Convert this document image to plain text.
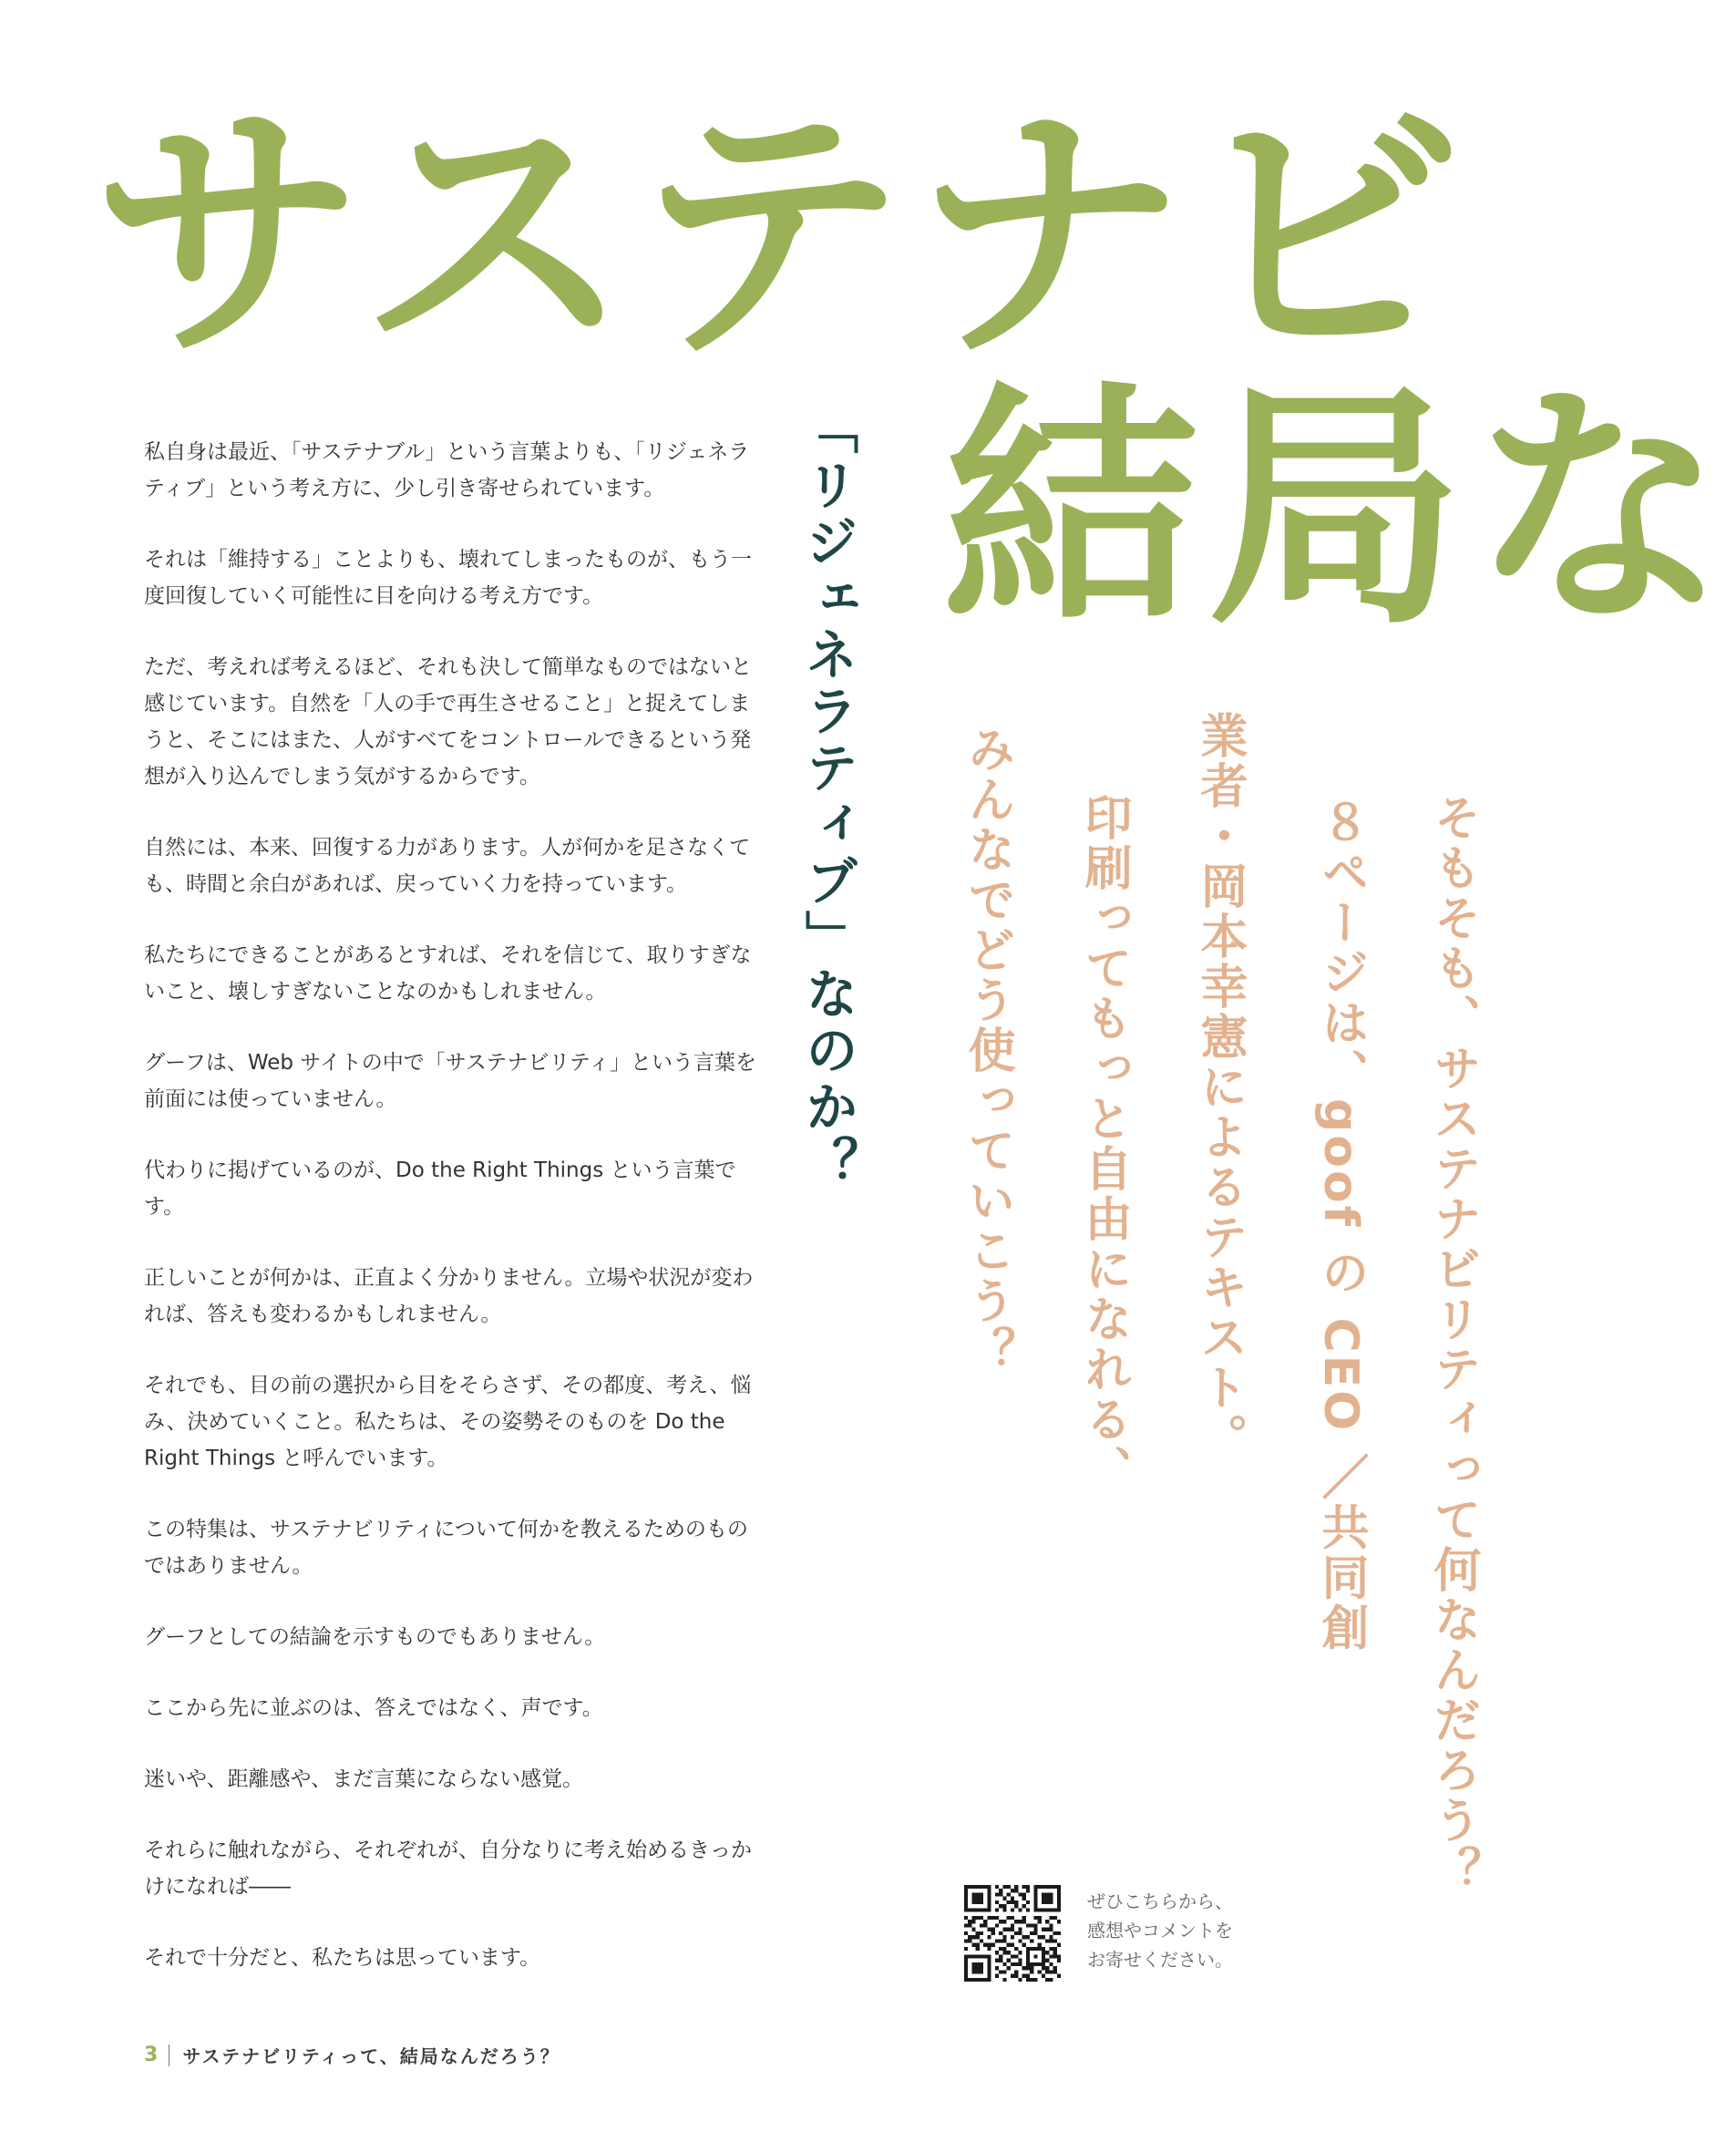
サステナビ
結局な
「リジェネラティブ」なのか？

私自身は最近、「サステナブル」という言葉よりも、「リジェネラティブ」という考え方に、少し引き寄せられています。

それは「維持する」ことよりも、壊れてしまったものが、もう一度回復していく可能性に目を向ける考え方です。

ただ、考えれば考えるほど、それも決して簡単なものではないと感じています。自然を「人の手で再生させること」と捉えてしまうと、そこにはまた、人がすべてをコントロールできるという発想が入り込んでしまう気がするからです。

自然には、本来、回復する力があります。人が何かを足さなくても、時間と余白があれば、戻っていく力を持っています。

私たちにできることがあるとすれば、それを信じて、取りすぎないこと、壊しすぎないことなのかもしれません。

グーフは、Web サイトの中で「サステナビリティ」という言葉を前面には使っていません。

代わりに掲げているのが、Do the Right Things という言葉です。

正しいことが何かは、正直よく分かりません。立場や状況が変われば、答えも変わるかもしれません。

それでも、目の前の選択から目をそらさず、その都度、考え、悩み、決めていくこと。私たちは、その姿勢そのものを Do the Right Things と呼んでいます。

この特集は、サステナビリティについて何かを教えるためのものではありません。

グーフとしての結論を示すものでもありません。

ここから先に並ぶのは、答えではなく、声です。

迷いや、距離感や、まだ言葉にならない感覚。

それらに触れながら、それぞれが、自分なりに考え始めるきっかけになれば――

それで十分だと、私たちは思っています。

そもそも、サステナビリティって何なんだろう？
８ページは、goof の CEO ／共同創
業者・岡本幸憲によるテキスト。
印刷ってもっと自由になれる、
みんなでどう使っていこう？
ぜひこちらから、
感想やコメントを
お寄せください。
3 サステナビリティって、結局なんだろう？
